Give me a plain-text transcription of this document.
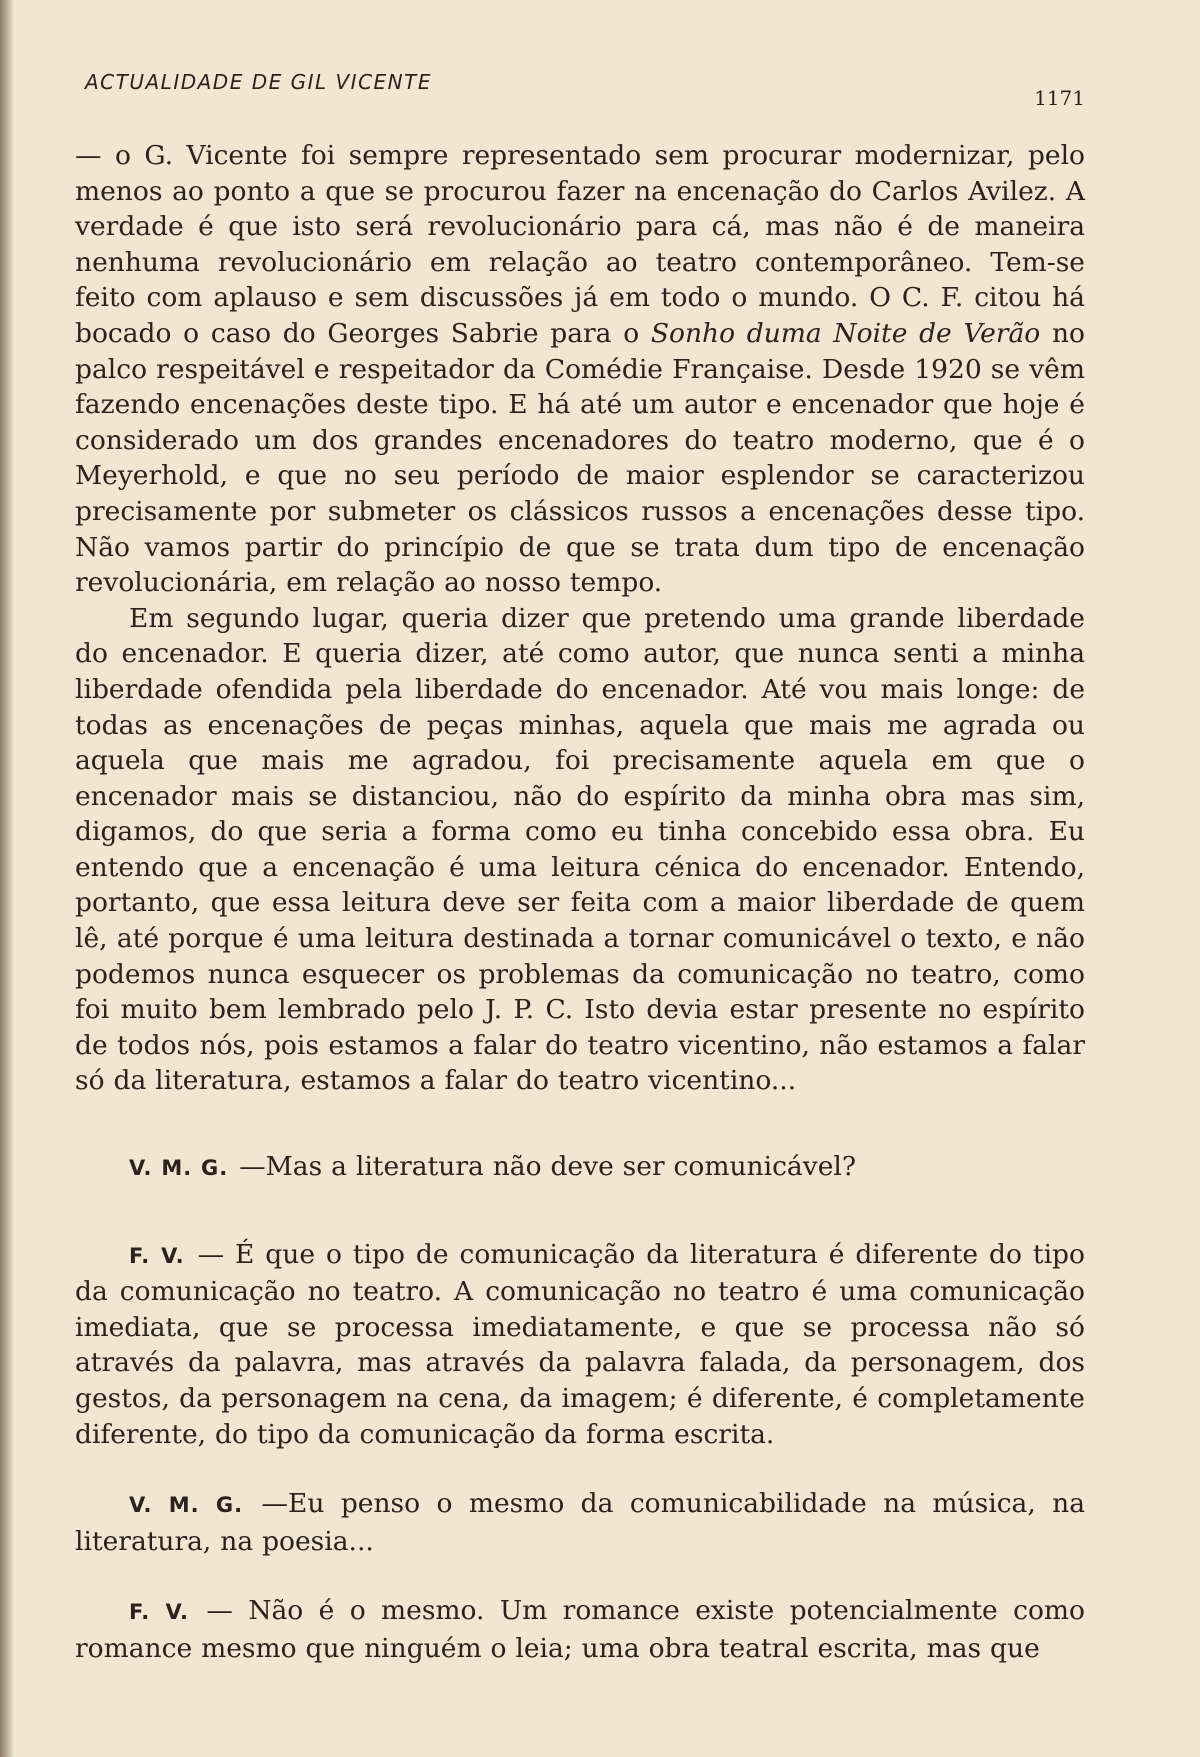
ACTUALIDADE DE GIL VICENTE
1171

— o G. Vicente foi sempre representado sem procurar modernizar, pelo menos ao ponto a que se procurou fazer na encenação do Carlos Avilez. A verdade é que isto será revolucionário para cá, mas não é de maneira nenhuma revolucionário em relação ao teatro contemporâneo. Tem-se feito com aplauso e sem discussões já em todo o mundo. O C. F. citou há bocado o caso do Georges Sabrie para o Sonho duma Noite de Verão no palco respeitável e respeitador da Comédie Française. Desde 1920 se vêm fazendo encenações deste tipo. E há até um autor e encenador que hoje é considerado um dos grandes encenadores do teatro moderno, que é o Meyerhold, e que no seu período de maior esplendor se caracterizou precisamente por submeter os clássicos russos a encenações desse tipo. Não vamos partir do princípio de que se trata dum tipo de encenação revolucionária, em relação ao nosso tempo.

Em segundo lugar, queria dizer que pretendo uma grande liberdade do encenador. E queria dizer, até como autor, que nunca senti a minha liberdade ofendida pela liberdade do encenador. Até vou mais longe: de todas as encenações de peças minhas, aquela que mais me agrada ou aquela que mais me agradou, foi precisamente aquela em que o encenador mais se distanciou, não do espírito da minha obra mas sim, digamos, do que seria a forma como eu tinha concebido essa obra. Eu entendo que a encenação é uma leitura cénica do encenador. Entendo, portanto, que essa leitura deve ser feita com a maior liberdade de quem lê, até porque é uma leitura destinada a tornar comunicável o texto, e não podemos nunca esquecer os problemas da comunicação no teatro, como foi muito bem lembrado pelo J. P. C. Isto devia estar presente no espírito de todos nós, pois estamos a falar do teatro vicentino, não estamos a falar só da literatura, estamos a falar do teatro vicentino...

V. M. G. —Mas a literatura não deve ser comunicável?

F. V. — É que o tipo de comunicação da literatura é diferente do tipo da comunicação no teatro. A comunicação no teatro é uma comunicação imediata, que se processa imediatamente, e que se processa não só através da palavra, mas através da palavra falada, da personagem, dos gestos, da personagem na cena, da imagem; é diferente, é completamente diferente, do tipo da comunicação da forma escrita.

V. M. G. —Eu penso o mesmo da comunicabilidade na música, na literatura, na poesia...

F. V. — Não é o mesmo. Um romance existe potencialmente como romance mesmo que ninguém o leia; uma obra teatral escrita, mas que
